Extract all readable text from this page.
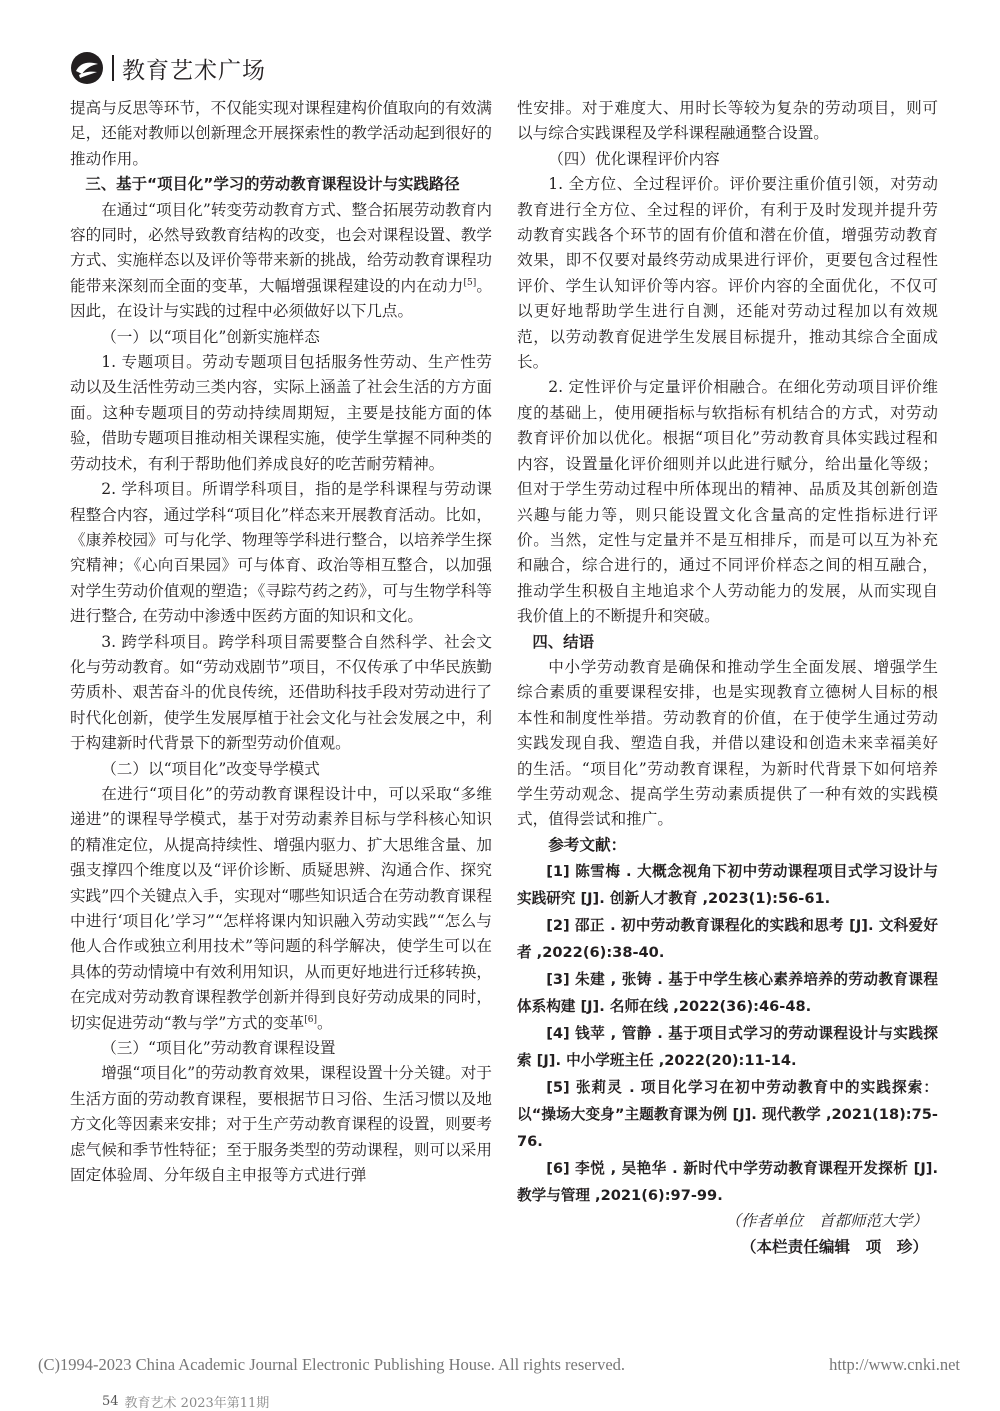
教育艺术广场

提高与反思等环节，不仅能实现对课程建构价值取向的有效满足，还能对教师以创新理念开展探索性的教学活动起到很好的推动作用。

三、基于“项目化”学习的劳动教育课程设计与实践路径

在通过“项目化”转变劳动教育方式、整合拓展劳动教育内容的同时，必然导致教育结构的改变，也会对课程设置、教学方式、实施样态以及评价等带来新的挑战，给劳动教育课程功能带来深刻而全面的变革，大幅增强课程建设的内在动力[5]。因此，在设计与实践的过程中必须做好以下几点。

（一）以“项目化”创新实施样态

1. 专题项目。劳动专题项目包括服务性劳动、生产性劳动以及生活性劳动三类内容，实际上涵盖了社会生活的方方面面。这种专题项目的劳动持续周期短，主要是技能方面的体验，借助专题项目推动相关课程实施，使学生掌握不同种类的劳动技术，有利于帮助他们养成良好的吃苦耐劳精神。

2. 学科项目。所谓学科项目，指的是学科课程与劳动课程整合内容，通过学科“项目化”样态来开展教育活动。比如，《康养校园》可与化学、物理等学科进行整合，以培养学生探究精神；《心向百果园》可与体育、政治等相互整合，以加强对学生劳动价值观的塑造；《寻踪芍药之药》，可与生物学科等进行整合, 在劳动中渗透中医药方面的知识和文化。

3. 跨学科项目。跨学科项目需要整合自然科学、社会文化与劳动教育。如“劳动戏剧节”项目，不仅传承了中华民族勤劳质朴、艰苦奋斗的优良传统，还借助科技手段对劳动进行了时代化创新，使学生发展厚植于社会文化与社会发展之中，利于构建新时代背景下的新型劳动价值观。

（二）以“项目化”改变导学模式

在进行“项目化”的劳动教育课程设计中，可以采取“多维递进”的课程导学模式，基于对劳动素养目标与学科核心知识的精准定位，从提高持续性、增强内驱力、扩大思维含量、加强支撑四个维度以及“评价诊断、质疑思辨、沟通合作、探究实践”四个关键点入手，实现对“哪些知识适合在劳动教育课程中进行‘项目化’学习”“怎样将课内知识融入劳动实践”“怎么与他人合作或独立利用技术”等问题的科学解决，使学生可以在具体的劳动情境中有效利用知识，从而更好地进行迁移转换，在完成对劳动教育课程教学创新并得到良好劳动成果的同时，切实促进劳动“教与学”方式的变革[6]。

（三）“项目化”劳动教育课程设置

增强“项目化”的劳动教育效果，课程设置十分关键。对于生活方面的劳动教育课程，要根据节日习俗、生活习惯以及地方文化等因素来安排；对于生产劳动教育课程的设置，则要考虑气候和季节性特征；至于服务类型的劳动课程，则可以采用固定体验周、分年级自主申报等方式进行弹

性安排。对于难度大、用时长等较为复杂的劳动项目，则可以与综合实践课程及学科课程融通整合设置。

（四）优化课程评价内容

1. 全方位、全过程评价。评价要注重价值引领，对劳动教育进行全方位、全过程的评价，有利于及时发现并提升劳动教育实践各个环节的固有价值和潜在价值，增强劳动教育效果，即不仅要对最终劳动成果进行评价，更要包含过程性评价、学生认知评价等内容。评价内容的全面优化，不仅可以更好地帮助学生进行自测，还能对劳动过程加以有效规范，以劳动教育促进学生发展目标提升，推动其综合全面成长。

2. 定性评价与定量评价相融合。在细化劳动项目评价维度的基础上，使用硬指标与软指标有机结合的方式，对劳动教育评价加以优化。根据“项目化”劳动教育具体实践过程和内容，设置量化评价细则并以此进行赋分，给出量化等级；但对于学生劳动过程中所体现出的精神、品质及其创新创造兴趣与能力等，则只能设置文化含量高的定性指标进行评价。当然，定性与定量并不是互相排斥，而是可以互为补充和融合，综合进行的，通过不同评价样态之间的相互融合，推动学生积极自主地追求个人劳动能力的发展，从而实现自我价值上的不断提升和突破。

四、结语

中小学劳动教育是确保和推动学生全面发展、增强学生综合素质的重要课程安排，也是实现教育立德树人目标的根本性和制度性举措。劳动教育的价值，在于使学生通过劳动实践发现自我、塑造自我，并借以建设和创造未来幸福美好的生活。“项目化”劳动教育课程，为新时代背景下如何培养学生劳动观念、提高学生劳动素质提供了一种有效的实践模式，值得尝试和推广。

参考文献：

[1] 陈雪梅 . 大概念视角下初中劳动课程项目式学习设计与实践研究 [J]. 创新人才教育 ,2023(1):56-61.

[2] 邵正 . 初中劳动教育课程化的实践和思考 [J]. 文科爱好者 ,2022(6):38-40.

[3] 朱建 , 张铸 . 基于中学生核心素养培养的劳动教育课程体系构建 [J]. 名师在线 ,2022(36):46-48.

[4] 钱苹 , 管静 . 基于项目式学习的劳动课程设计与实践探索 [J]. 中小学班主任 ,2022(20):11-14.

[5] 张莉灵 . 项目化学习在初中劳动教育中的实践探索：以“操场大变身”主题教育课为例 [J]. 现代教学 ,2021(18):75-76.

[6] 李悦 , 吴艳华 . 新时代中学劳动教育课程开发探析 [J]. 教学与管理 ,2021(6):97-99.

（作者单位　首都师范大学）

（本栏责任编辑　项　珍）

(C)1994-2023 China Academic Journal Electronic Publishing House. All rights reserved.	http://www.cnki.net
54 教育艺术 2023年第11期
